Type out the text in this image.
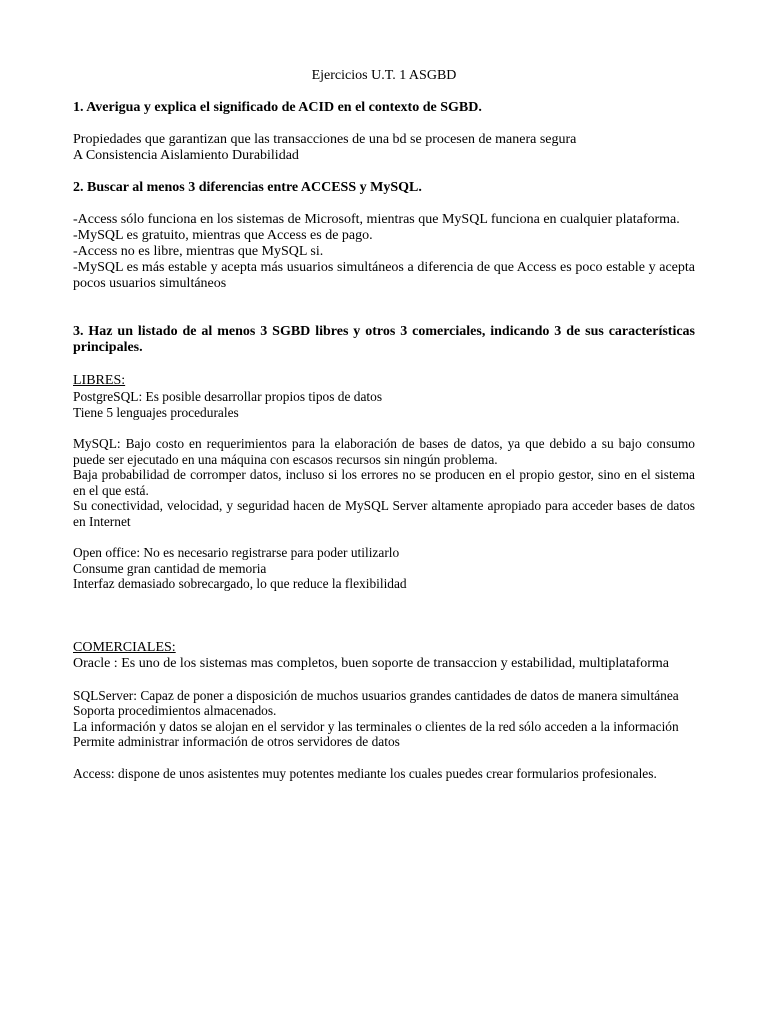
Ejercicios U.T. 1 ASGBD
1. Averigua y explica el significado de ACID en el contexto de SGBD.
Propiedades que garantizan que las transacciones de una bd se procesen de manera segura
A Consistencia Aislamiento Durabilidad
2. Buscar al menos 3 diferencias entre ACCESS y MySQL.
-Access sólo funciona en los sistemas de Microsoft, mientras que MySQL funciona en cualquier plataforma.
-MySQL es gratuito, mientras que Access es de pago.
-Access no es libre, mientras que MySQL si.
-MySQL es más estable y acepta más usuarios simultáneos a diferencia de que Access es poco estable y acepta pocos usuarios simultáneos
3. Haz un listado de al menos 3 SGBD libres y otros 3 comerciales, indicando 3 de sus características principales.
LIBRES:
PostgreSQL: Es posible desarrollar propios tipos de datos
Tiene 5 lenguajes procedurales
MySQL: Bajo costo en requerimientos para la elaboración de bases de datos, ya que debido a su bajo consumo puede ser ejecutado en una máquina con escasos recursos sin ningún problema.
Baja probabilidad de corromper datos, incluso si los errores no se producen en el propio gestor, sino en el sistema en el que está.
Su conectividad, velocidad, y seguridad hacen de MySQL Server altamente apropiado para acceder bases de datos en Internet
Open office: No es necesario registrarse para poder utilizarlo
Consume gran cantidad de memoria
Interfaz demasiado sobrecargado, lo que reduce la flexibilidad
COMERCIALES:
Oracle : Es uno de los sistemas mas completos, buen soporte de transaccion y estabilidad, multiplataforma
SQLServer: Capaz de poner a disposición de muchos usuarios grandes cantidades de datos de manera simultánea
Soporta procedimientos almacenados.
La información y datos se alojan en el servidor y las terminales o clientes de la red sólo acceden a la información
Permite administrar información de otros servidores de datos
Access: dispone de unos asistentes muy potentes mediante los cuales puedes crear formularios profesionales.
